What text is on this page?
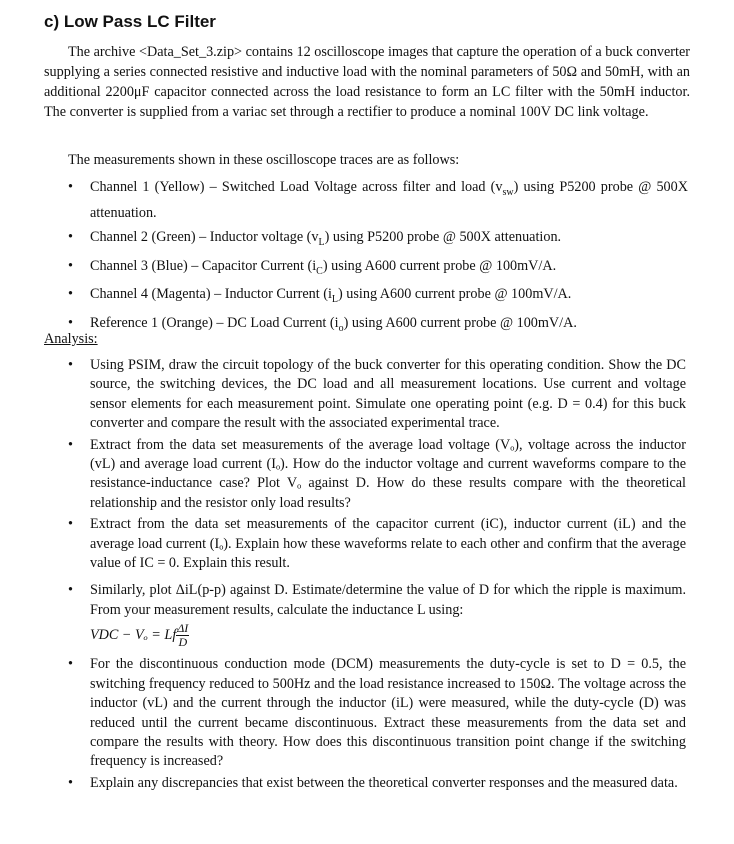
c) Low Pass LC Filter
The archive <Data_Set_3.zip> contains 12 oscilloscope images that capture the operation of a buck converter supplying a series connected resistive and inductive load with the nominal parameters of 50Ω and 50mH, with an additional 2200μF capacitor connected across the load resistance to form an LC filter with the 50mH inductor. The converter is supplied from a variac set through a rectifier to produce a nominal 100V DC link voltage.
The measurements shown in these oscilloscope traces are as follows:
• Channel 1 (Yellow) – Switched Load Voltage across filter and load $(v_{sw})$ using P5200 probe @ 500X attenuation.
• Channel 2 (Green) – Inductor voltage $(v_L)$ using P5200 probe @ 500X attenuation.
• Channel 3 (Blue) – Capacitor Current $(i_C)$ using A600 current probe @ 100mV/A.
• Channel 4 (Magenta) – Inductor Current $(i_L)$ using A600 current probe @ 100mV/A.
• Reference 1 (Orange) – DC Load Current $(i_o)$ using A600 current probe @ 100mV/A.
Analysis:
• Using PSIM, draw the circuit topology of the buck converter for this operating condition. Show the DC source, the switching devices, the DC load and all measurement locations. Use current and voltage sensor elements for each measurement point. Simulate one operating point (e.g. D = 0.4) for this buck converter and compare the result with the associated experimental trace.
• Extract from the data set measurements of the average load voltage (Vₒ), voltage across the inductor (vL) and average load current (Iₒ). How do the inductor voltage and current waveforms compare to the resistance-inductance case? Plot Vₒ against D. How do these results compare with the theoretical relationship and the resistor only load results?
• Extract from the data set measurements of the capacitor current (iC), inductor current (iL) and the average load current (Iₒ). Explain how these waveforms relate to each other and confirm that the average value of IC = 0. Explain this result.
• Similarly, plot ΔiL(p-p) against D. Estimate/determine the value of D for which the ripple is maximum. From your measurement results, calculate the inductance L using:
VDC − Vₒ = Lf $\frac{\Delta I}{D}$
• For the discontinuous conduction mode (DCM) measurements the duty-cycle is set to D = 0.5, the switching frequency reduced to 500Hz and the load resistance increased to 150Ω. The voltage across the inductor (vL) and the current through the inductor (iL) were measured, while the duty-cycle (D) was reduced until the current became discontinuous. Extract these measurements from the data set and compare the results with theory. How does this discontinuous transition point change if the switching frequency is increased?
• Explain any discrepancies that exist between the theoretical converter responses and the measured data.
